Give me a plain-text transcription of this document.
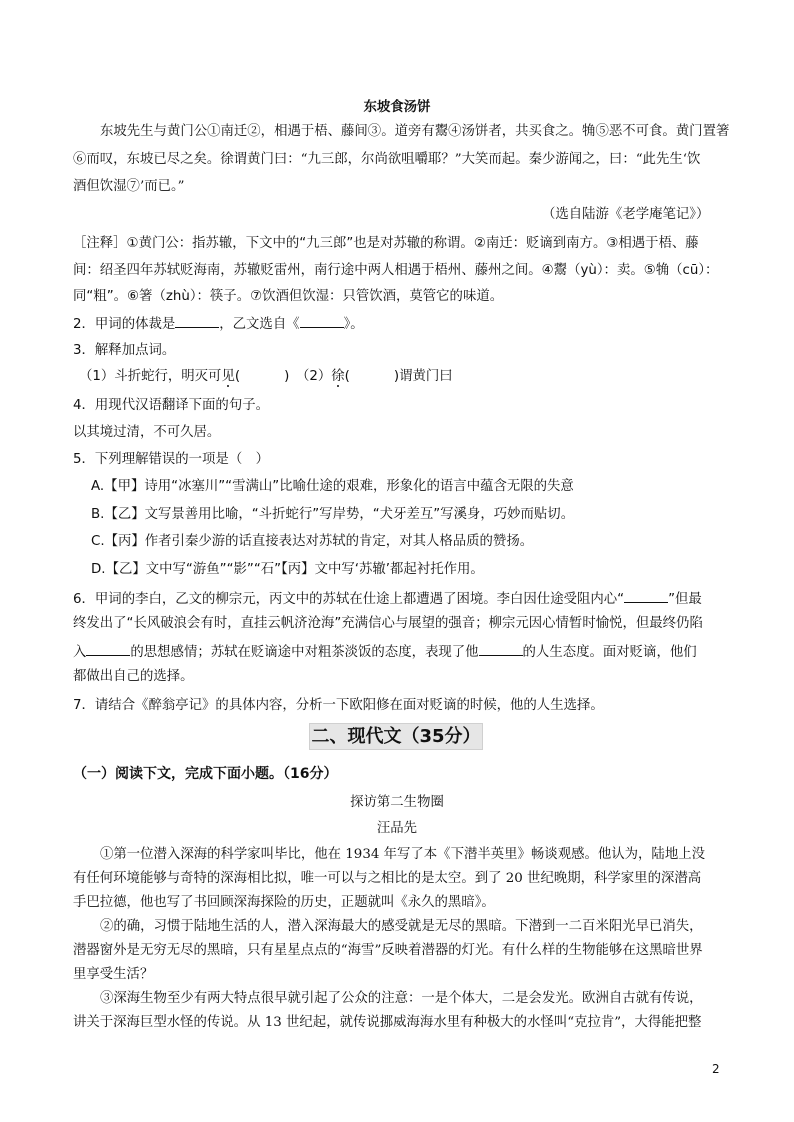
东坡食汤饼
东坡先生与黄门公①南迁②，相遇于梧、藤间③。道旁有鬻④汤饼者，共买食之。觕⑤恶不可食。黄门置箸
⑥而叹，东坡已尽之矣。徐谓黄门曰：“九三郎，尔尚欲咀嚼耶？”大笑而起。秦少游闻之，曰：“此先生‘饮
酒但饮湿⑦’而已。”
（选自陆游《老学庵笔记》）
［注释］①黄门公：指苏辙，下文中的“九三郎”也是对苏辙的称谓。②南迁：贬谪到南方。③相遇于梧、藤
间：绍圣四年苏轼贬海南，苏辙贬雷州，南行途中两人相遇于梧州、藤州之间。④鬻（yù）：卖。⑤觕（cū）：
同“粗”。⑥箸（zhù）：筷子。⑦饮酒但饮湿：只管饮酒，莫管它的味道。
2．甲词的体裁是	，乙文选自《	》。
3．解释加点词。
（1）斗折蛇行，明灭可见(	)　（2）徐(	)谓黄门曰
4．用现代汉语翻译下面的句子。
以其境过清，不可久居。
5．下列理解错误的一项是（　）
A.【甲】诗用“冰塞川”“雪满山”比喻仕途的艰难，形象化的语言中蕴含无限的失意
B.【乙】文写景善用比喻，“斗折蛇行”写岸势，“犬牙差互”写溪身，巧妙而贴切。
C.【丙】作者引秦少游的话直接表达对苏轼的肯定，对其人格品质的赞扬。
D.【乙】文中写“游鱼”“影”“石”【丙】文中写‘苏辙’都起衬托作用。
6．甲词的李白，乙文的柳宗元，丙文中的苏轼在仕途上都遭遇了困境。李白因仕途受阻内心“	”但最
终发出了“长风破浪会有时，直挂云帆济沧海”充满信心与展望的强音；柳宗元因心情暂时愉悦，但最终仍陷
入	的思想感情；苏轼在贬谪途中对粗茶淡饭的态度，表现了他	的人生态度。面对贬谪，他们
都做出自己的选择。
7．请结合《醉翁亭记》的具体内容，分析一下欧阳修在面对贬谪的时候，他的人生选择。
二、现代文（35分）
（一）阅读下文，完成下面小题。（16分）
探访第二生物圈
汪品先
①第一位潜入深海的科学家叫毕比，他在 1934 年写了本《下潜半英里》畅谈观感。他认为，陆地上没
有任何环境能够与奇特的深海相比拟，唯一可以与之相比的是太空。到了 20 世纪晚期，科学家里的深潜高
手巴拉德，他也写了书回顾深海探险的历史，正题就叫《永久的黑暗》。
②的确，习惯于陆地生活的人，潜入深海最大的感受就是无尽的黑暗。下潜到一二百米阳光早已消失，
潜器窗外是无穷无尽的黑暗，只有星星点点的“海雪”反映着潜器的灯光。有什么样的生物能够在这黑暗世界
里享受生活？
③深海生物至少有两大特点很早就引起了公众的注意：一是个体大，二是会发光。欧洲自古就有传说，
讲关于深海巨型水怪的传说。从 13 世纪起，就传说挪威海海水里有种极大的水怪叫“克拉肯”，大得能把整
2
